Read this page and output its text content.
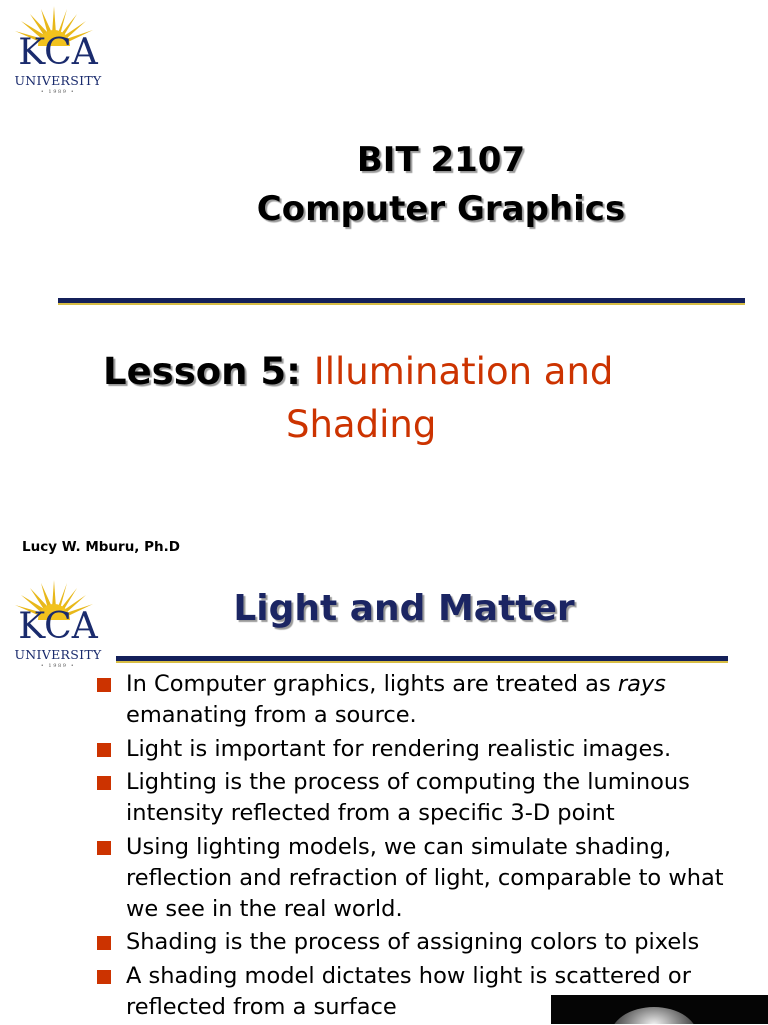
KCA
UNIVERSITY
• 1989 •
BIT 2107
Computer Graphics
Lesson 5: Illumination and
Shading
Lucy W. Mburu, Ph.D
KCA
UNIVERSITY
• 1989 •
Light and Matter
In Computer graphics, lights are treated as rays emanating from a source.
Light is important for rendering realistic images.
Lighting is the process of computing the luminous intensity reflected from a specific 3-D point
Using lighting models, we can simulate shading, reflection and refraction of light, comparable to what we see in the real world.
Shading is the process of assigning colors to pixels
A shading model dictates how light is scattered or reflected from a surface
